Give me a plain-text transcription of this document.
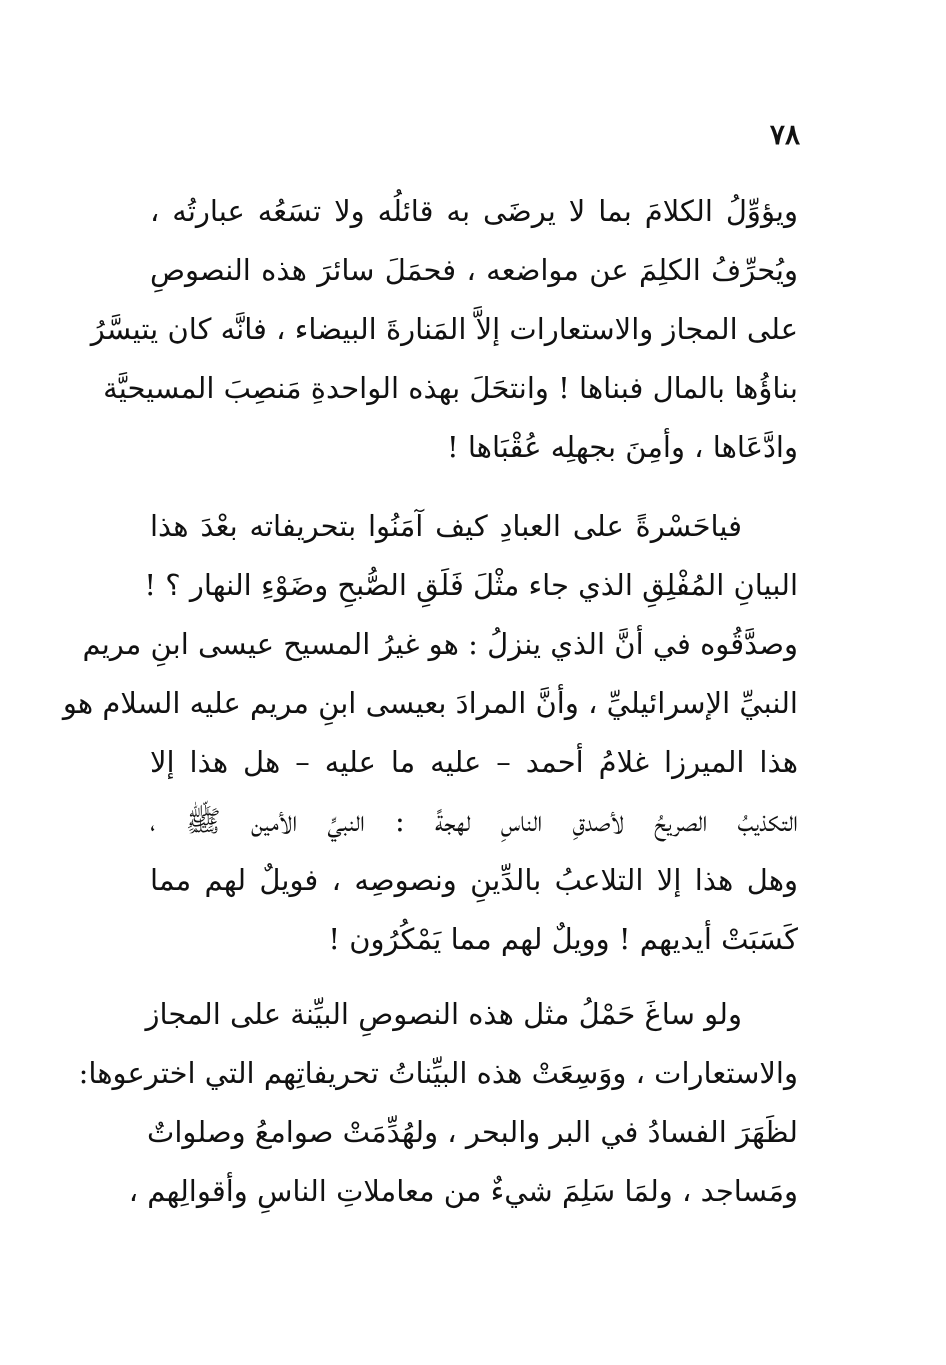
٧٨
ويؤوِّلُ الكلامَ بما لا يرضَى به قائلُه ولا تسَعُه عبارتُه ،
ويُحرِّفُ الكلِمَ عن مواضعه ، فحمَلَ سائرَ هذه النصوصِ
على المجاز والاستعارات إلاَّ المَنارةَ البيضاء ، فانَّه كان يتيسَّرُ
بناؤُها بالمال فبناها ! وانتحَلَ بهذه الواحدةِ مَنصِبَ المسيحيَّة
وادَّعَاها ، وأمِنَ بجهلِه عُقْبَاها !
فياحَسْرةً على العبادِ كيف آمَنُوا بتحريفاته بعْدَ هذا
البيانِ المُفْلِقِ الذي جاء مثْلَ فَلَقِ الصُّبحِ وضَوْءِ النهار ؟ !
وصدَّقُوه في أنَّ الذي ينزلُ : هو غيرُ المسيح عيسى ابنِ مريم
النبيِّ الإسرائيليِّ ، وأنَّ المرادَ بعيسى ابنِ مريم عليه السلام هو
هذا الميرزا غلامُ أحمد – عليه ما عليه – هل هذا إلا
التكذيبُ الصريحُ لأصدقِ الناسِ لهجةً : النبيِّ الأمين ﷺ ،
وهل هذا إلا التلاعبُ بالدِّينِ ونصوصِه ، فويلٌ لهم مما
كَسَبَتْ أيديهم ! وويلٌ لهم مما يَمْكُرُون !
ولو ساغَ حَمْلُ مثل هذه النصوصِ البيِّنة على المجاز
والاستعارات ، ووَسِعَتْ هذه البيِّناتُ تحريفاتِهم التي اخترعوها:
لظَهَرَ الفسادُ في البر والبحر ، ولهُدِّمَتْ صوامعُ وصلواتٌ
ومَساجد ، ولمَا سَلِمَ شيءٌ من معاملاتِ الناسِ وأقوالِهم ،
